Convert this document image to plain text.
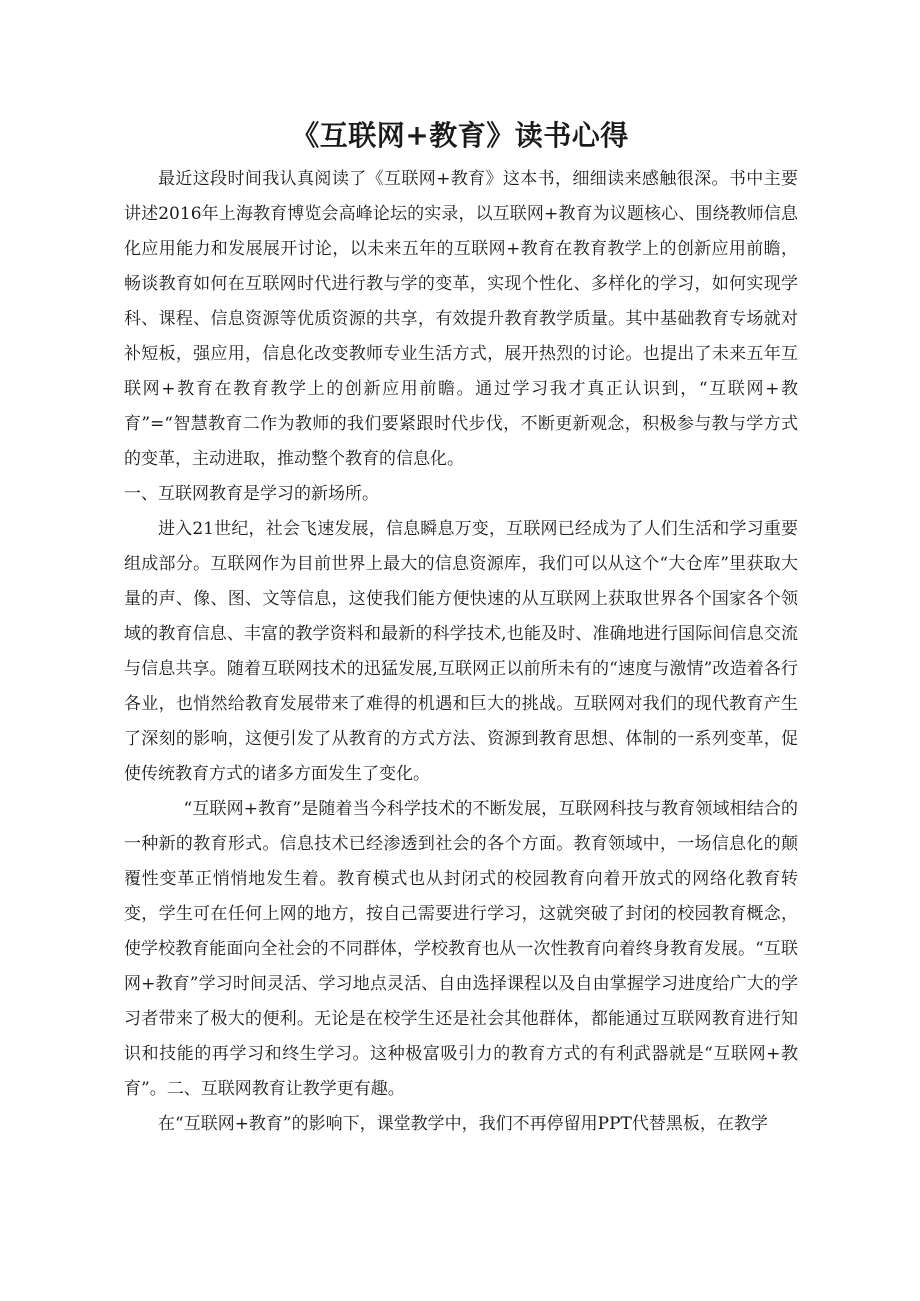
《互联网+教育》读书心得

最近这段时间我认真阅读了《互联网+教育》这本书，细细读来感触很深。书中主要讲述2016年上海教育博览会高峰论坛的实录，以互联网+教育为议题核心、围绕教师信息化应用能力和发展展开讨论，以未来五年的互联网+教育在教育教学上的创新应用前瞻，畅谈教育如何在互联网时代进行教与学的变革，实现个性化、多样化的学习，如何实现学科、课程、信息资源等优质资源的共享，有效提升教育教学质量。其中基础教育专场就对补短板，强应用，信息化改变教师专业生活方式，展开热烈的讨论。也提出了未来五年互联网+教育在教育教学上的创新应用前瞻。通过学习我才真正认识到，“互联网+教育”=“智慧教育二作为教师的我们要紧跟时代步伐，不断更新观念，积极参与教与学方式的变革，主动进取，推动整个教育的信息化。

一、互联网教育是学习的新场所。

进入21世纪，社会飞速发展，信息瞬息万变，互联网已经成为了人们生活和学习重要组成部分。互联网作为目前世界上最大的信息资源库，我们可以从这个“大仓库”里获取大量的声、像、图、文等信息，这使我们能方便快速的从互联网上获取世界各个国家各个领域的教育信息、丰富的教学资料和最新的科学技术,也能及时、准确地进行国际间信息交流与信息共享。随着互联网技术的迅猛发展,互联网正以前所未有的“速度与激情”改造着各行各业，也悄然给教育发展带来了难得的机遇和巨大的挑战。互联网对我们的现代教育产生了深刻的影响，这便引发了从教育的方式方法、资源到教育思想、体制的一系列变革，促使传统教育方式的诸多方面发生了变化。

“互联网+教育”是随着当今科学技术的不断发展，互联网科技与教育领域相结合的一种新的教育形式。信息技术已经渗透到社会的各个方面。教育领域中，一场信息化的颠覆性变革正悄悄地发生着。教育模式也从封闭式的校园教育向着开放式的网络化教育转变，学生可在任何上网的地方，按自己需要进行学习，这就突破了封闭的校园教育概念，使学校教育能面向全社会的不同群体，学校教育也从一次性教育向着终身教育发展。“互联网+教育”学习时间灵活、学习地点灵活、自由选择课程以及自由掌握学习进度给广大的学习者带来了极大的便利。无论是在校学生还是社会其他群体，都能通过互联网教育进行知识和技能的再学习和终生学习。这种极富吸引力的教育方式的有利武器就是“互联网+教育”。二、互联网教育让教学更有趣。

在“互联网+教育”的影响下，课堂教学中，我们不再停留用PPT代替黑板，在教学
